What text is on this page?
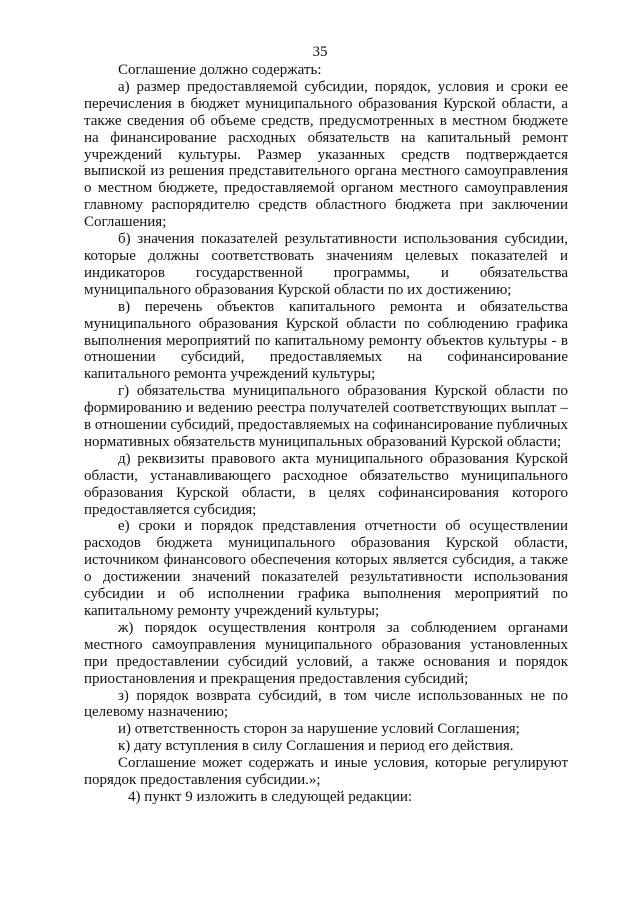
35

Соглашение должно содержать:

а) размер предоставляемой субсидии, порядок, условия и сроки ее перечисления в бюджет муниципального образования Курской области, а также сведения об объеме средств, предусмотренных в местном бюджете на финансирование расходных обязательств на капитальный ремонт учреждений культуры. Размер указанных средств подтверждается выпиской из решения представительного органа местного самоуправления о местном бюджете, предоставляемой органом местного самоуправления главному распорядителю средств областного бюджета при заключении Соглашения;

б) значения показателей результативности использования субсидии, которые должны соответствовать значениям целевых показателей и индикаторов государственной программы, и обязательства муниципального образования Курской области по их достижению;

в) перечень объектов капитального ремонта и обязательства муниципального образования Курской области по соблюдению графика выполнения мероприятий по капитальному ремонту объектов культуры - в отношении субсидий, предоставляемых на софинансирование капитального ремонта учреждений культуры;

г) обязательства муниципального образования Курской области по формированию и ведению реестра получателей соответствующих выплат – в отношении субсидий, предоставляемых на софинансирование публичных нормативных обязательств муниципальных образований Курской области;

д) реквизиты правового акта муниципального образования Курской области, устанавливающего расходное обязательство муниципального образования Курской области, в целях софинансирования которого предоставляется субсидия;

е) сроки и порядок представления отчетности об осуществлении расходов бюджета муниципального образования Курской области, источником финансового обеспечения которых является субсидия, а также о достижении значений показателей результативности использования субсидии и об исполнении графика выполнения мероприятий по капитальному ремонту учреждений культуры;

ж) порядок осуществления контроля за соблюдением органами местного самоуправления муниципального образования установленных при предоставлении субсидий условий, а также основания и порядок приостановления и прекращения предоставления субсидий;

з) порядок возврата субсидий, в том числе использованных не по целевому назначению;

и) ответственность сторон за нарушение условий Соглашения;

к) дату вступления в силу Соглашения и период его действия.

Соглашение может содержать и иные условия, которые регулируют порядок предоставления субсидии.»;

4) пункт 9 изложить в следующей редакции:
